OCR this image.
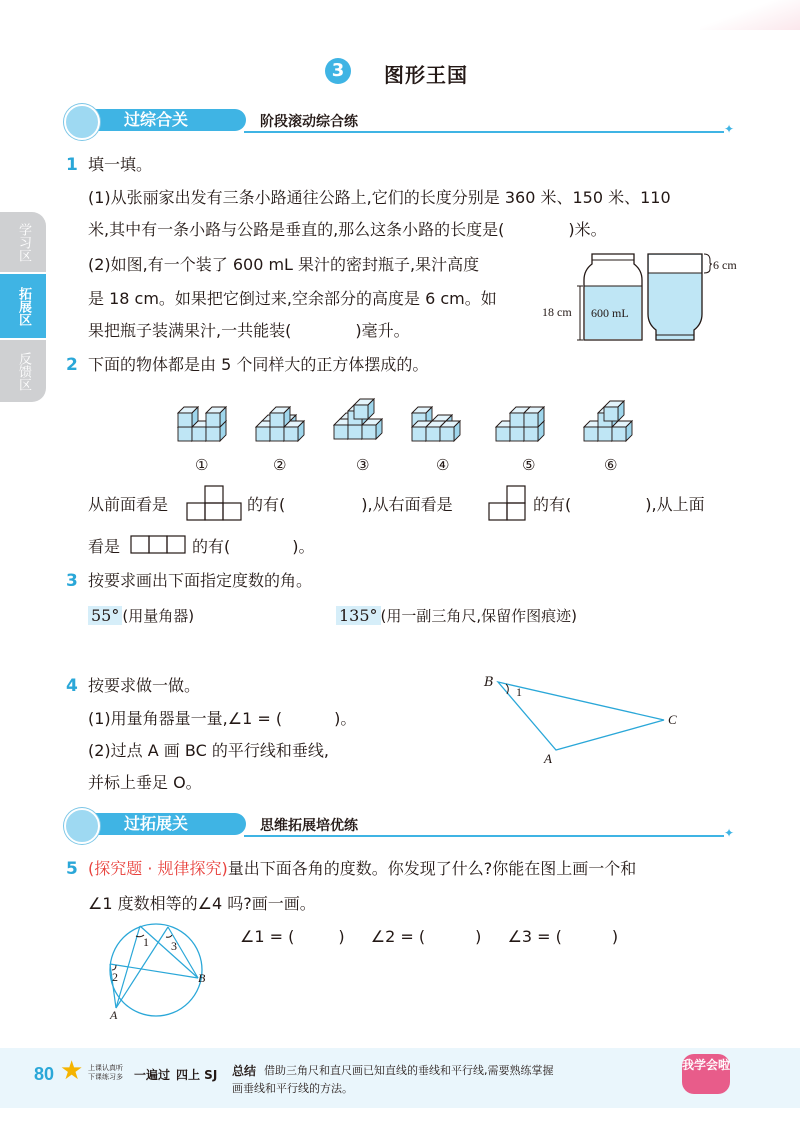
3	图形王国
学习区
拓展区
反馈区
过综合关	阶段滚动综合练	✦
1 填一填。
(1)从张丽家出发有三条小路通往公路上,它们的长度分别是 360 米、150 米、110
米,其中有一条小路与公路是垂直的,那么这条小路的长度是(	)米。
(2)如图,有一个装了 600 mL 果汁的密封瓶子,果汁高度
是 18 cm。如果把它倒过来,空余部分的高度是 6 cm。如
果把瓶子装满果汁,一共能装(	)毫升。
600 mL
18 cm
6 cm
2 下面的物体都是由 5 个同样大的正方体摆成的。
①	②	③	④	⑤	⑥
从前面看是	的有(	),从右面看是	的有(	),从上面
看是	的有(	)。
3 按要求画出下面指定度数的角。
55° (用量角器)	135° (用一副三角尺,保留作图痕迹)
4 按要求做一做。
(1)用量角器量一量,∠1 = (	)。
(2)过点 A 画 BC 的平行线和垂线,
并标上垂足 O。
B
C
A
1
过拓展关	思维拓展培优练	✦
5 (探究题 · 规律探究)量出下面各角的度数。你发现了什么?你能在图上画一个和
∠1 度数相等的∠4 吗?画一画。
∠1 = (	) ∠2 = (	) ∠3 = (	)
1 3
2	B
A
80 ★ 上课认真听
下课练习多 一遍过 四上 SJ 总结 借助三角尺和直尺画已知直线的垂线和平行线,需要熟练掌握
画垂线和平行线的方法。
我学会啦
